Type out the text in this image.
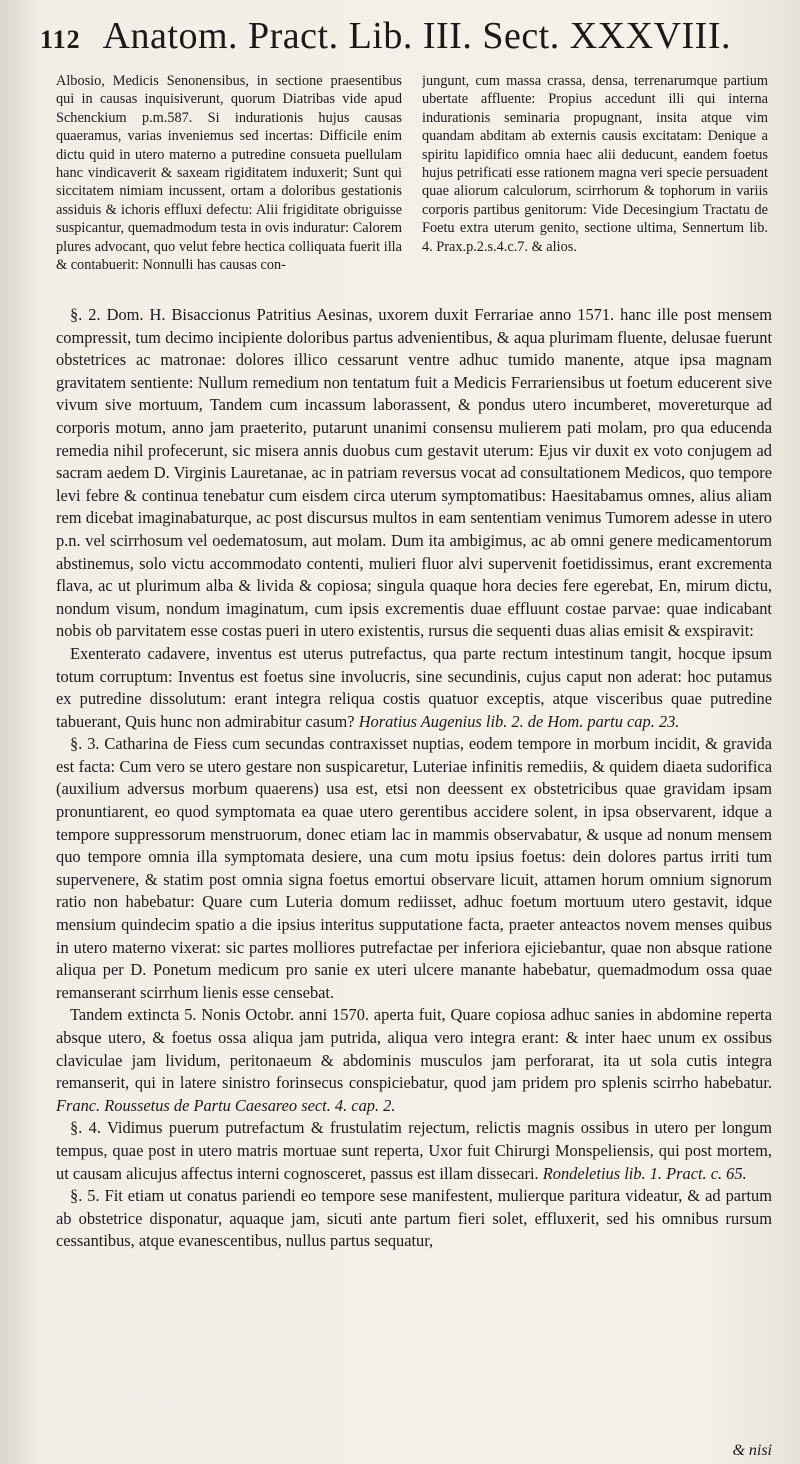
112 Anatom. Pract. Lib. III. Sect. XXXVIII.
Albosio, Medicis Senonensibus, in sectione praesentibus qui in causas inquisiverunt, quorum Diatribas vide apud Schenckium p.m.587. Si indurationis hujus causas quaeramus, varias inveniemus sed incertas: Difficile enim dictu quid in utero materno a putredine consueta puellulam hanc vindicaverit & saxeam rigiditatem induxerit; Sunt qui siccitatem nimiam incussent, ortam a doloribus gestationis assiduis & ichoris effluxi defectu: Alii frigiditate obriguisse suspicantur, quemadmodum testa in ovis induratur: Calorem plures advocant, quo velut febre hectica colliquata fuerit illa & contabuerit: Nonnulli has causas con-
jungunt, cum massa crassa, densa, terrenarumque partium ubertate affluente: Propius accedunt illi qui interna indurationis seminaria propugnant, insita atque vim quandam abditam ab externis causis excitatam: Denique a spiritu lapidifico omnia haec alii deducunt, eandem foetus hujus petrificati esse rationem magna veri specie persuadent quae aliorum calculorum, scirrhorum & tophorum in variis corporis partibus genitorum: Vide Decesingium Tractatu de Foetu extra uterum genito, sectione ultima, Sennertum lib. 4. Prax.p.2.s.4.c.7. & alios.

§. 2. Dom. H. Bisaccionus Patritius Aesinas, uxorem duxit Ferrariae anno 1571. hanc ille post mensem compressit, tum decimo incipiente doloribus partus advenientibus, & aqua plurimam fluente, delusae fuerunt obstetrices ac matronae: dolores illico cessarunt ventre adhuc tumido manente, atque ipsa magnam gravitatem sentiente: Nullum remedium non tentatum fuit a Medicis Ferrariensibus ut foetum educerent sive vivum sive mortuum, Tandem cum incassum laborassent, & pondus utero incumberet, movereturque ad corporis motum, anno jam praeterito, putarunt unanimi consensu mulierem pati molam, pro qua educenda remedia nihil profecerunt, sic misera annis duobus cum gestavit uterum: Ejus vir duxit ex voto conjugem ad sacram aedem D. Virginis Lauretanae, ac in patriam reversus vocat ad consultationem Medicos, quo tempore levi febre & continua tenebatur cum eisdem circa uterum symptomatibus: Haesitabamus omnes, alius aliam rem dicebat imaginabaturque, ac post discursus multos in eam sententiam venimus Tumorem adesse in utero p.n. vel scirrhosum vel oedematosum, aut molam. Dum ita ambigimus, ac ab omni genere medicamentorum abstinemus, solo victu accommodato contenti, mulieri fluor alvi supervenit foetidissimus, erant excrementa flava, ac ut plurimum alba & livida & copiosa; singula quaque hora decies fere egerebat, En, mirum dictu, nondum visum, nondum imaginatum, cum ipsis excrementis duae effluunt costae parvae: quae indicabant nobis ob parvitatem esse costas pueri in utero existentis, rursus die sequenti duas alias emisit & exspiravit:

Exenterato cadavere, inventus est uterus putrefactus, qua parte rectum intestinum tangit, hocque ipsum totum corruptum: Inventus est foetus sine involucris, sine secundinis, cujus caput non aderat: hoc putamus ex putredine dissolutum: erant integra reliqua costis quatuor exceptis, atque visceribus quae putredine tabuerant, Quis hunc non admirabitur casum? Horatius Augenius lib. 2. de Hom. partu cap. 23.

§. 3. Catharina de Fiess cum secundas contraxisset nuptias, eodem tempore in morbum incidit, & gravida est facta: Cum vero se utero gestare non suspicaretur, Luteriae infinitis remediis, & quidem diaeta sudorifica (auxilium adversus morbum quaerens) usa est, etsi non deessent ex obstetricibus quae gravidam ipsam pronuntiarent, eo quod symptomata ea quae utero gerentibus accidere solent, in ipsa observarent, idque a tempore suppressorum menstruorum, donec etiam lac in mammis observabatur, & usque ad nonum mensem quo tempore omnia illa symptomata desiere, una cum motu ipsius foetus: dein dolores partus irriti tum supervenere, & statim post omnia signa foetus emortui observare licuit, attamen horum omnium signorum ratio non habebatur: Quare cum Luteria domum rediisset, adhuc foetum mortuum utero gestavit, idque mensium quindecim spatio a die ipsius interitus supputatione facta, praeter anteactos novem menses quibus in utero materno vixerat: sic partes molliores putrefactae per inferiora ejiciebantur, quae non absque ratione aliqua per D. Ponetum medicum pro sanie ex uteri ulcere manante habebatur, quemadmodum ossa quae remanserant scirrhum lienis esse censebat.

Tandem extincta 5. Nonis Octobr. anni 1570. aperta fuit, Quare copiosa adhuc sanies in abdomine reperta absque utero, & foetus ossa aliqua jam putrida, aliqua vero integra erant: & inter haec unum ex ossibus claviculae jam lividum, peritonaeum & abdominis musculos jam perforarat, ita ut sola cutis integra remanserit, qui in latere sinistro forinsecus conspiciebatur, quod jam pridem pro splenis scirrho habebatur. Franc. Roussetus de Partu Caesareo sect. 4. cap. 2.

§. 4. Vidimus puerum putrefactum & frustulatim rejectum, relictis magnis ossibus in utero per longum tempus, quae post in utero matris mortuae sunt reperta, Uxor fuit Chirurgi Monspeliensis, qui post mortem, ut causam alicujus affectus interni cognosceret, passus est illam dissecari. Rondeletius lib. 1. Pract. c. 65.

§. 5. Fit etiam ut conatus pariendi eo tempore sese manifestent, mulierque paritura videatur, & ad partum ab obstetrice disponatur, aquaque jam, sicuti ante partum fieri solet, effluxerit, sed his omnibus rursum cessantibus, atque evanescentibus, nullus partus sequatur,

& nisi
